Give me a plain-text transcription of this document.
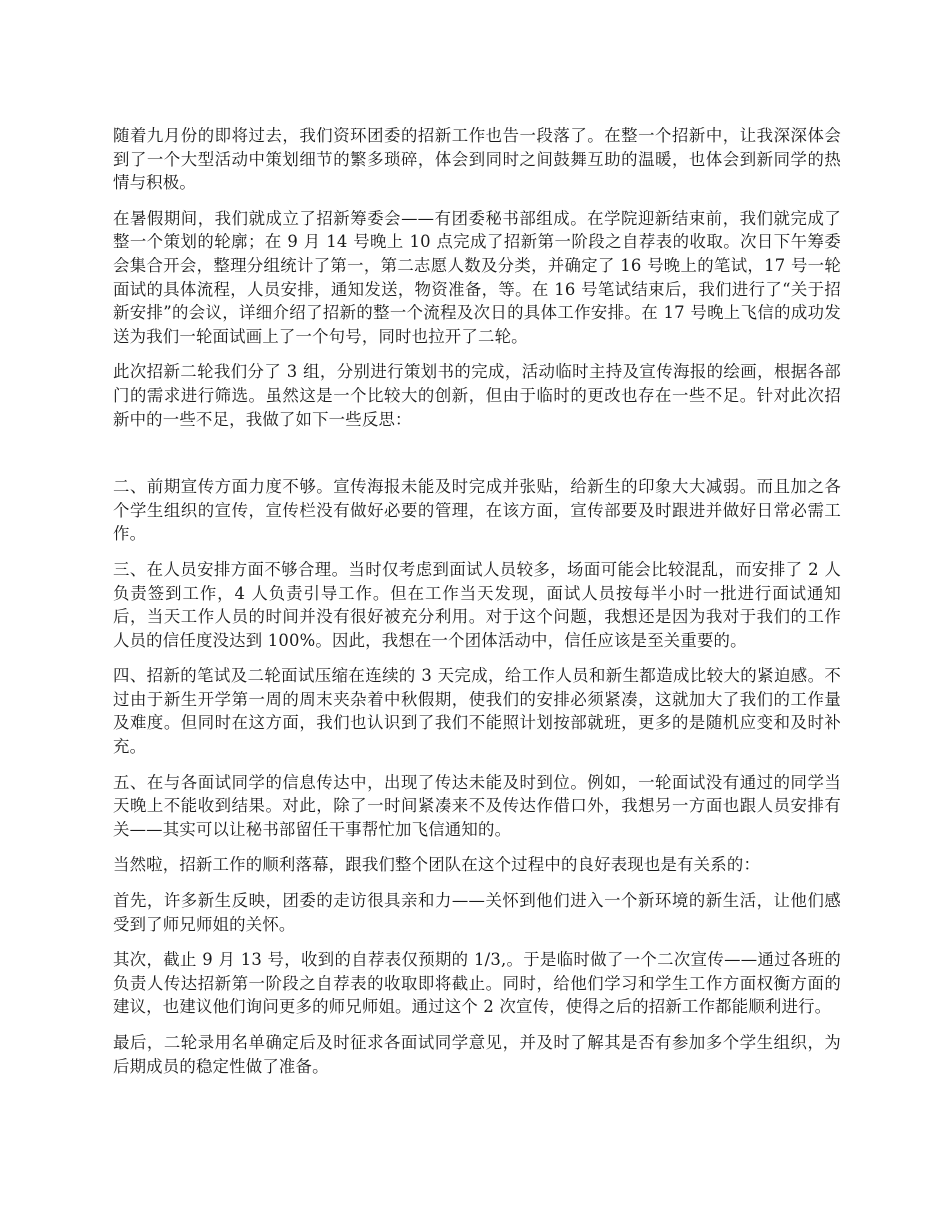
随着九月份的即将过去，我们资环团委的招新工作也告一段落了。在整一个招新中，让我深深体会到了一个大型活动中策划细节的繁多琐碎，体会到同时之间鼓舞互助的温暖，也体会到新同学的热情与积极。

在暑假期间，我们就成立了招新筹委会——有团委秘书部组成。在学院迎新结束前，我们就完成了整一个策划的轮廓；在 9 月 14 号晚上 10 点完成了招新第一阶段之自荐表的收取。次日下午筹委会集合开会，整理分组统计了第一，第二志愿人数及分类，并确定了 16 号晚上的笔试，17 号一轮面试的具体流程，人员安排，通知发送，物资准备，等。在 16 号笔试结束后，我们进行了“关于招新安排”的会议，详细介绍了招新的整一个流程及次日的具体工作安排。在 17 号晚上飞信的成功发送为我们一轮面试画上了一个句号，同时也拉开了二轮。

此次招新二轮我们分了 3 组，分别进行策划书的完成，活动临时主持及宣传海报的绘画，根据各部门的需求进行筛选。虽然这是一个比较大的创新，但由于临时的更改也存在一些不足。针对此次招新中的一些不足，我做了如下一些反思：

二、前期宣传方面力度不够。宣传海报未能及时完成并张贴，给新生的印象大大减弱。而且加之各个学生组织的宣传，宣传栏没有做好必要的管理，在该方面，宣传部要及时跟进并做好日常必需工作。

三、在人员安排方面不够合理。当时仅考虑到面试人员较多，场面可能会比较混乱，而安排了 2 人负责签到工作，4 人负责引导工作。但在工作当天发现，面试人员按每半小时一批进行面试通知后，当天工作人员的时间并没有很好被充分利用。对于这个问题，我想还是因为我对于我们的工作人员的信任度没达到 100%。因此，我想在一个团体活动中，信任应该是至关重要的。

四、招新的笔试及二轮面试压缩在连续的 3 天完成，给工作人员和新生都造成比较大的紧迫感。不过由于新生开学第一周的周末夹杂着中秋假期，使我们的安排必须紧凑，这就加大了我们的工作量及难度。但同时在这方面，我们也认识到了我们不能照计划按部就班，更多的是随机应变和及时补充。

五、在与各面试同学的信息传达中，出现了传达未能及时到位。例如，一轮面试没有通过的同学当天晚上不能收到结果。对此，除了一时间紧凑来不及传达作借口外，我想另一方面也跟人员安排有关——其实可以让秘书部留任干事帮忙加飞信通知的。

当然啦，招新工作的顺利落幕，跟我们整个团队在这个过程中的良好表现也是有关系的：

首先，许多新生反映，团委的走访很具亲和力——关怀到他们进入一个新环境的新生活，让他们感受到了师兄师姐的关怀。

其次，截止 9 月 13 号，收到的自荐表仅预期的 1/3,。于是临时做了一个二次宣传——通过各班的负责人传达招新第一阶段之自荐表的收取即将截止。同时，给他们学习和学生工作方面权衡方面的建议，也建议他们询问更多的师兄师姐。通过这个 2 次宣传，使得之后的招新工作都能顺利进行。

最后，二轮录用名单确定后及时征求各面试同学意见，并及时了解其是否有参加多个学生组织，为后期成员的稳定性做了准备。
